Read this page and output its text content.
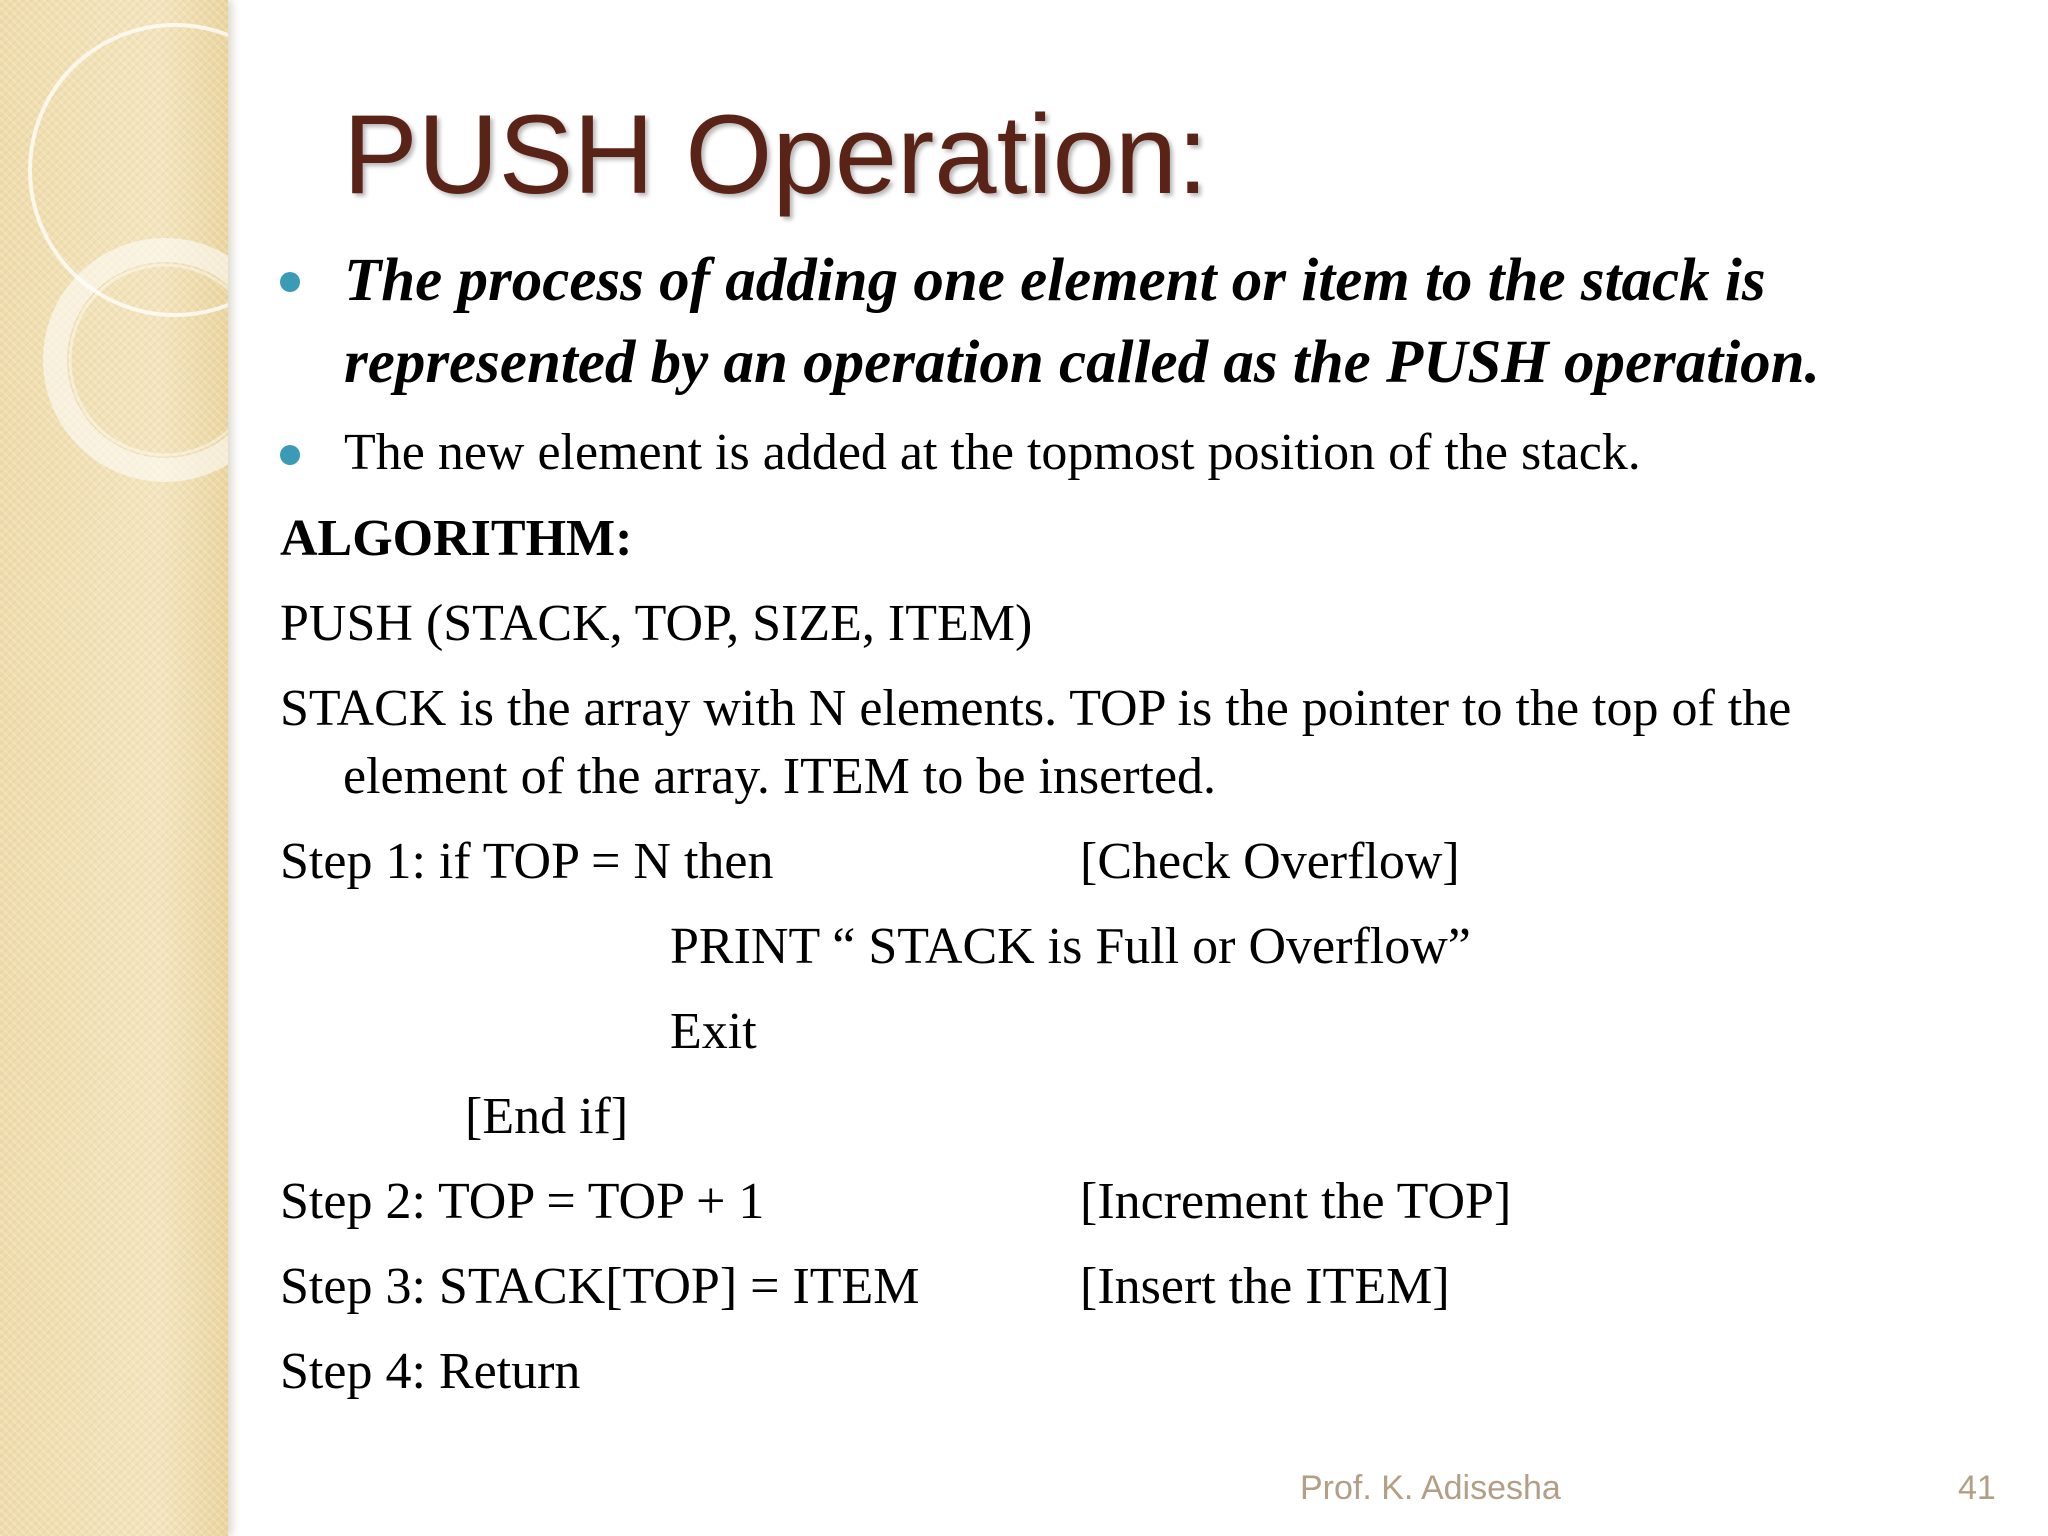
PUSH Operation:
The process of adding one element or item to the stack is
represented by an operation called as the PUSH operation.
The new element is added at the topmost position of the stack.
ALGORITHM:
PUSH (STACK, TOP, SIZE, ITEM)
STACK is the array with N elements. TOP is the pointer to the top of the
element of the array. ITEM to be inserted.
Step 1: if TOP = N then	[Check Overflow]
PRINT “ STACK is Full or Overflow”
Exit
[End if]
Step 2: TOP = TOP + 1	[Increment the TOP]
Step 3: STACK[TOP] = ITEM	[Insert the ITEM]
Step 4: Return
Prof. K. Adisesha	41
